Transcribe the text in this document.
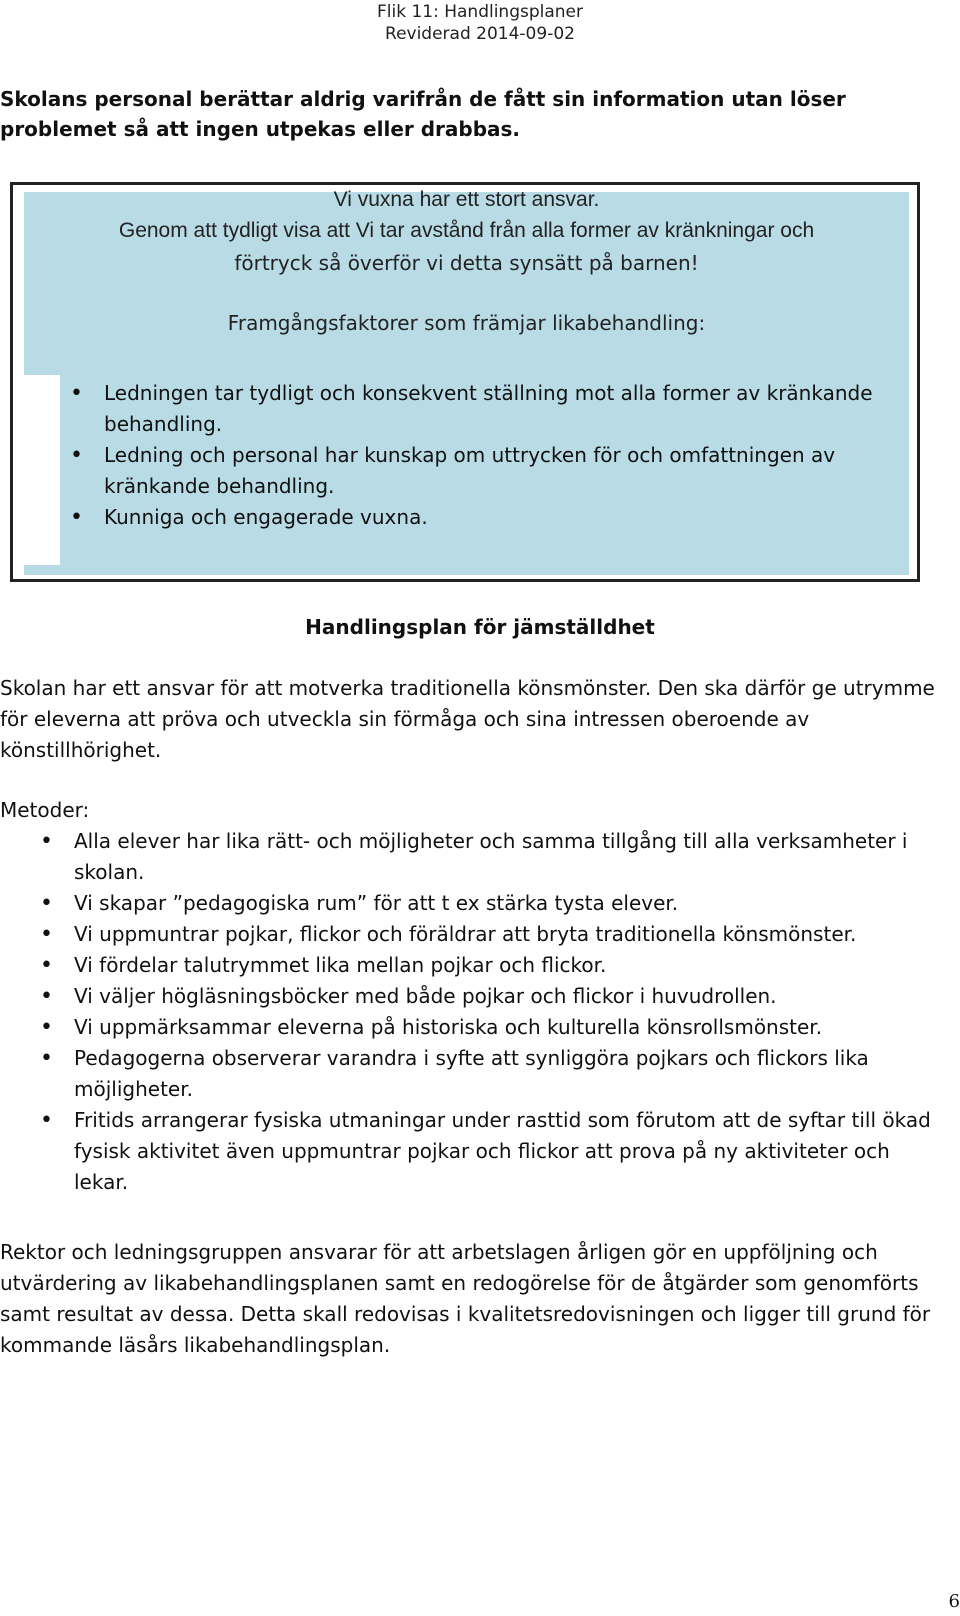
Flik 11: Handlingsplaner
Reviderad 2014-09-02
Skolans personal berättar aldrig varifrån de fått sin information utan löser problemet så att ingen utpekas eller drabbas.
Vi vuxna har ett stort ansvar.
Genom att tydligt visa att Vi tar avstånd från alla former av kränkningar och
förtryck så överför vi detta synsätt på barnen!
Framgångsfaktorer som främjar likabehandling:
• Ledningen tar tydligt och konsekvent ställning mot alla former av kränkande behandling.
• Ledning och personal har kunskap om uttrycken för och omfattningen av kränkande behandling.
• Kunniga och engagerade vuxna.
Handlingsplan för jämställdhet
Skolan har ett ansvar för att motverka traditionella könsmönster. Den ska därför ge utrymme för eleverna att pröva och utveckla sin förmåga och sina intressen oberoende av könstillhörighet.
Metoder:
• Alla elever har lika rätt- och möjligheter och samma tillgång till alla verksamheter i skolan.
• Vi skapar ”pedagogiska rum” för att t ex stärka tysta elever.
• Vi uppmuntrar pojkar, flickor och föräldrar att bryta traditionella könsmönster.
• Vi fördelar talutrymmet lika mellan pojkar och flickor.
• Vi väljer högläsningsböcker med både pojkar och flickor i huvudrollen.
• Vi uppmärksammar eleverna på historiska och kulturella könsrollsmönster.
• Pedagogerna observerar varandra i syfte att synliggöra pojkars och flickors lika möjligheter.
• Fritids arrangerar fysiska utmaningar under rasttid som förutom att de syftar till ökad fysisk aktivitet även uppmuntrar pojkar och flickor att prova på ny aktiviteter och lekar.
Rektor och ledningsgruppen ansvarar för att arbetslagen årligen gör en uppföljning och utvärdering av likabehandlingsplanen samt en redogörelse för de åtgärder som genomförts samt resultat av dessa. Detta skall redovisas i kvalitetsredovisningen och ligger till grund för kommande läsårs likabehandlingsplan.
6
